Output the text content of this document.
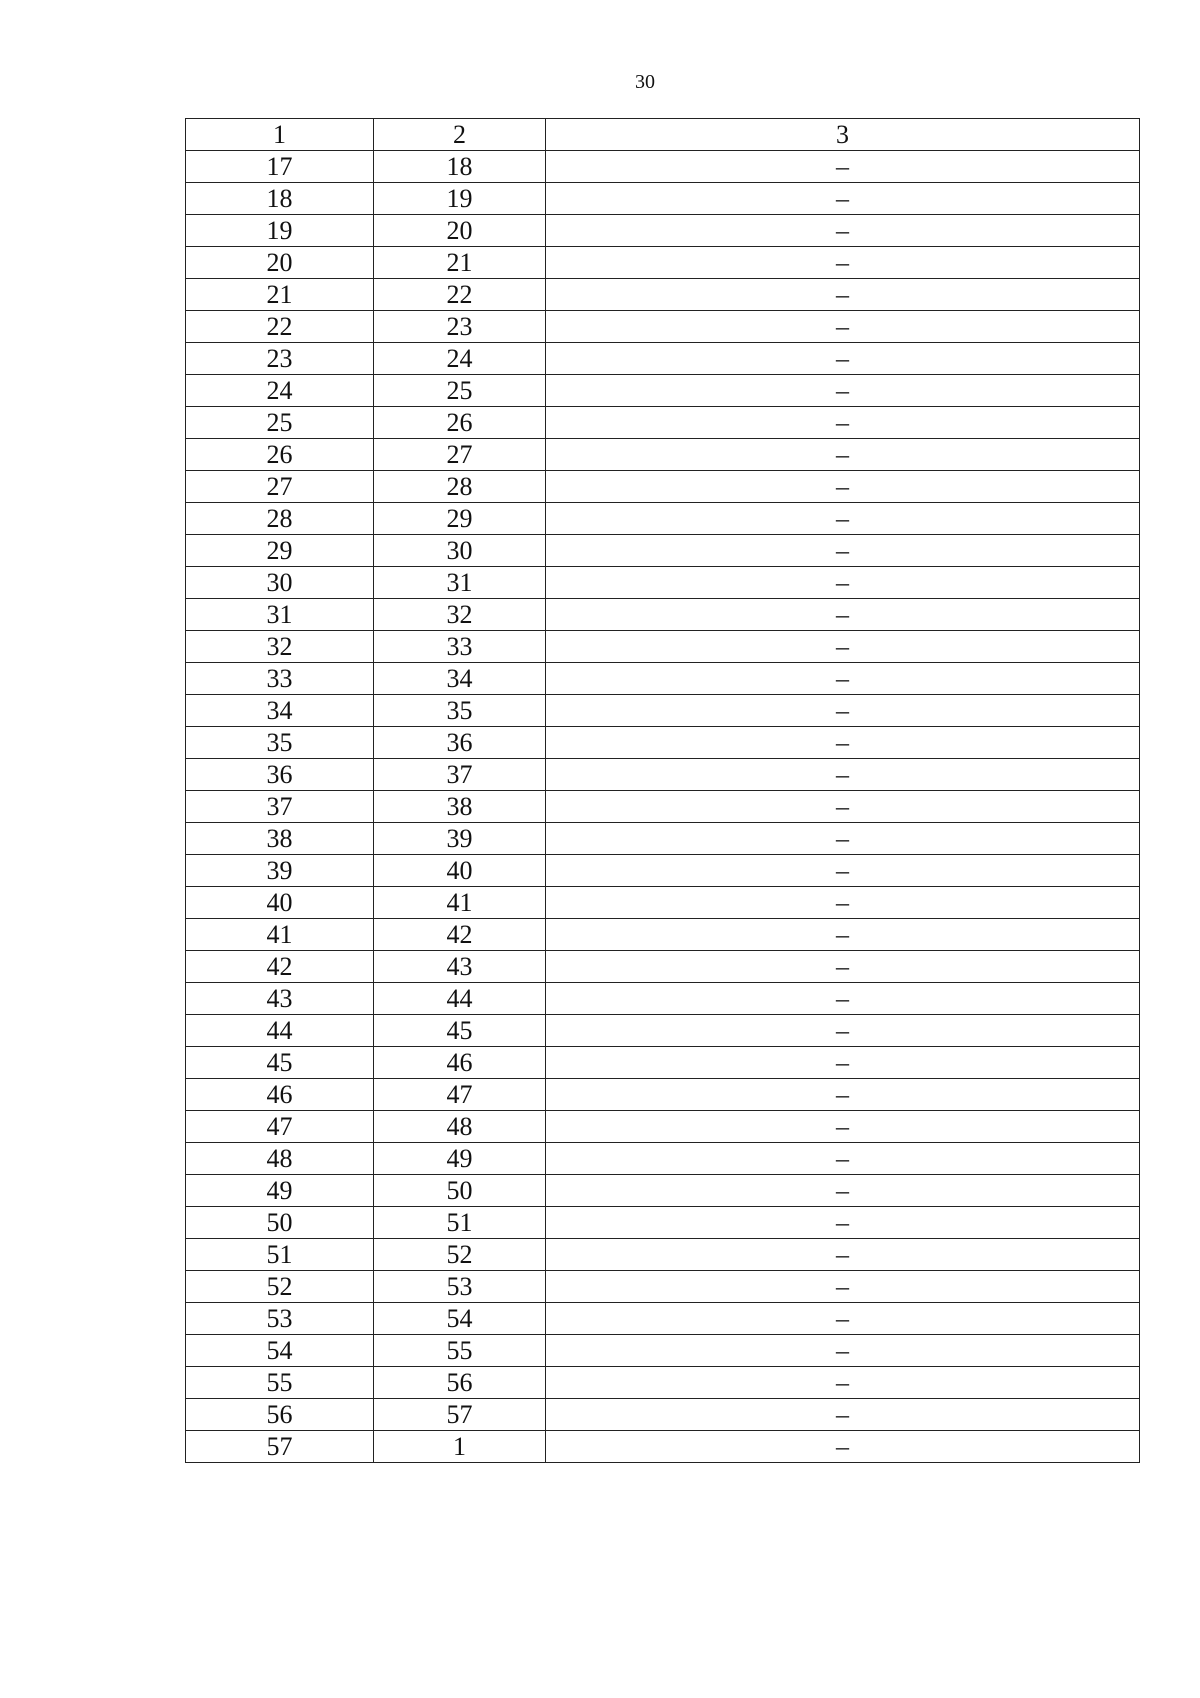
30
1	2	3
17	18	–
18	19	–
19	20	–
20	21	–
21	22	–
22	23	–
23	24	–
24	25	–
25	26	–
26	27	–
27	28	–
28	29	–
29	30	–
30	31	–
31	32	–
32	33	–
33	34	–
34	35	–
35	36	–
36	37	–
37	38	–
38	39	–
39	40	–
40	41	–
41	42	–
42	43	–
43	44	–
44	45	–
45	46	–
46	47	–
47	48	–
48	49	–
49	50	–
50	51	–
51	52	–
52	53	–
53	54	–
54	55	–
55	56	–
56	57	–
57	1	–
